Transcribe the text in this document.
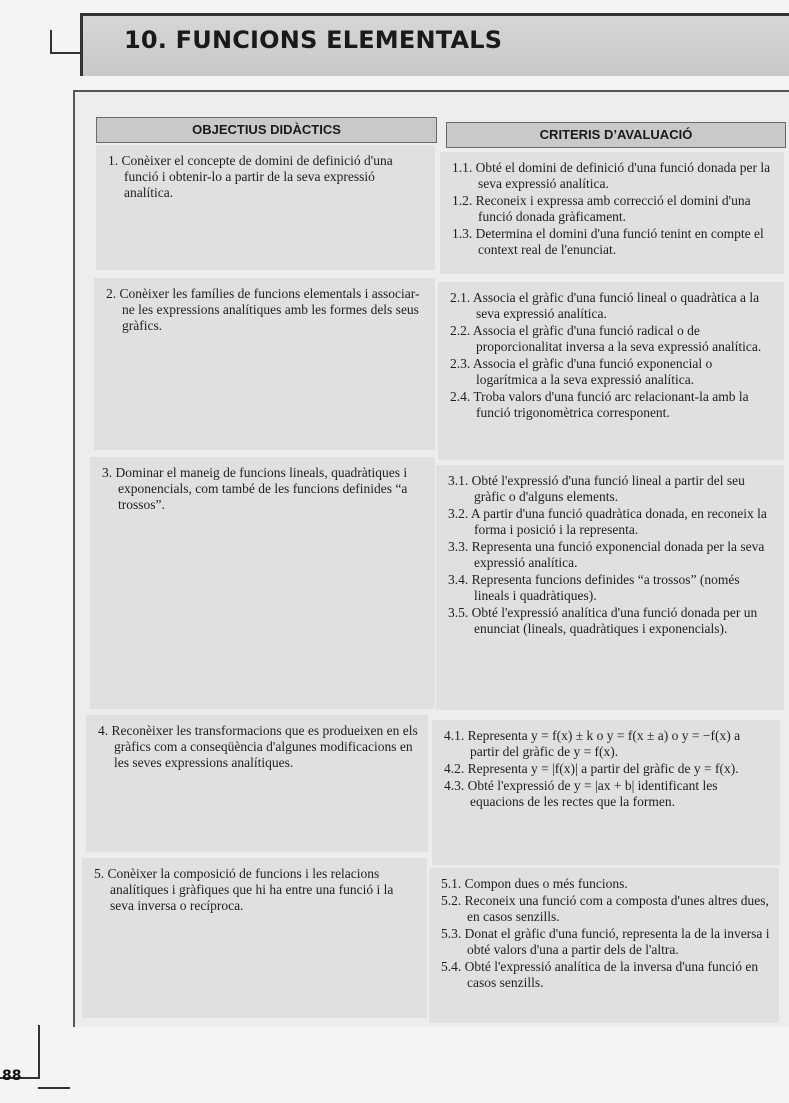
10. FUNCIONS ELEMENTALS
OBJECTIUS DIDÀCTICS	CRITERIS D’AVALUACIÓ

1. Conèixer el concepte de domini de definició d'una funció i obtenir-lo a partir de la seva expressió analítica.

1.1. Obté el domini de definició d'una funció donada per la seva expressió analítica.

1.2. Reconeix i expressa amb correcció el domini d'una funció donada gràficament.

1.3. Determina el domini d'una funció tenint en compte el context real de l'enunciat.

2. Conèixer les famílies de funcions elementals i associar-ne les expressions analítiques amb les formes dels seus gràfics.

2.1. Associa el gràfic d'una funció lineal o quadràtica a la seva expressió analítica.

2.2. Associa el gràfic d'una funció radical o de proporcionalitat inversa a la seva expressió analítica.

2.3. Associa el gràfic d'una funció exponencial o logarítmica a la seva expressió analítica.

2.4. Troba valors d'una funció arc relacionant-la amb la funció trigonomètrica corresponent.

3. Dominar el maneig de funcions lineals, quadràtiques i exponencials, com també de les funcions definides “a trossos”.

3.1. Obté l'expressió d'una funció lineal a partir del seu gràfic o d'alguns elements.

3.2. A partir d'una funció quadràtica donada, en reconeix la forma i posició i la representa.

3.3. Representa una funció exponencial donada per la seva expressió analítica.

3.4. Representa funcions definides “a trossos” (només lineals i quadràtiques).

3.5. Obté l'expressió analítica d'una funció donada per un enunciat (lineals, quadràtiques i exponencials).

4. Reconèixer les transformacions que es produeixen en els gràfics com a conseqüència d'algunes modificacions en les seves expressions analítiques.

4.1. Representa y = f(x) ± k o y = f(x ± a) o y = −f(x) a partir del gràfic de y = f(x).

4.2. Representa y = |f(x)| a partir del gràfic de y = f(x).

4.3. Obté l'expressió de y = |ax + b| identificant les equacions de les rectes que la formen.

5. Conèixer la composició de funcions i les relacions analítiques i gràfiques que hi ha entre una funció i la seva inversa o recíproca.

5.1. Compon dues o més funcions.

5.2. Reconeix una funció com a composta d'unes altres dues, en casos senzills.

5.3. Donat el gràfic d'una funció, representa la de la inversa i obté valors d'una a partir dels de l'altra.

5.4. Obté l'expressió analítica de la inversa d'una funció en casos senzills.

88
